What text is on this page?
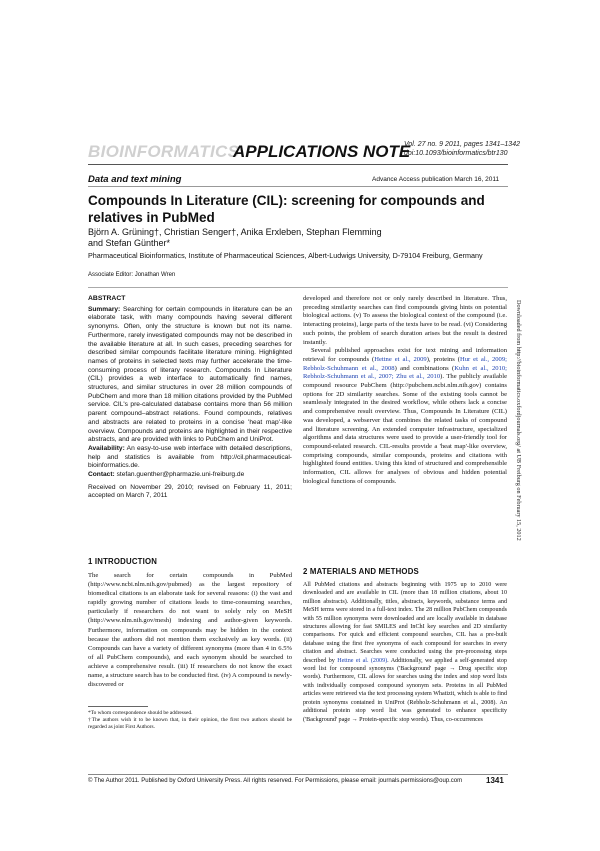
BIOINFORMATICS
APPLICATIONS NOTE
Vol. 27 no. 9 2011, pages 1341–1342
doi:10.1093/bioinformatics/btr130
Data and text mining	Advance Access publication March 16, 2011
Compounds In Literature (CIL): screening for compounds and relatives in PubMed
Björn A. Grüning†, Christian Senger†, Anika Erxleben, Stephan Flemming
and Stefan Günther*
Pharmaceutical Bioinformatics, Institute of Pharmaceutical Sciences, Albert-Ludwigs University, D-79104 Freiburg, Germany
Associate Editor: Jonathan Wren

ABSTRACT

Summary: Searching for certain compounds in literature can be an elaborate task, with many compounds having several different synonyms. Often, only the structure is known but not its name. Furthermore, rarely investigated compounds may not be described in the available literature at all. In such cases, preceding searches for described similar compounds facilitate literature mining. Highlighted names of proteins in selected texts may further accelerate the time-consuming process of literary research. Compounds In Literature (CIL) provides a web interface to automatically find names, structures, and similar structures in over 28 million compounds of PubChem and more than 18 million citations provided by the PubMed service. CIL's pre-calculated database contains more than 56 million parent compound–abstract relations. Found compounds, relatives and abstracts are related to proteins in a concise 'heat map'-like overview. Compounds and proteins are highlighted in their respective abstracts, and are provided with links to PubChem and UniProt.

Availability: An easy-to-use web interface with detailed descriptions, help and statistics is available from http://cil.pharmaceutical-bioinformatics.de.

Contact: stefan.guenther@pharmazie.uni-freiburg.de

Received on November 29, 2010; revised on February 11, 2011; accepted on March 7, 2011

1 INTRODUCTION

The search for certain compounds in PubMed (http://www.ncbi.nlm.nih.gov/pubmed) as the largest repository of biomedical citations is an elaborate task for several reasons: (i) the vast and rapidly growing number of citations leads to time-consuming searches, particularly if researchers do not want to solely rely on MeSH (http://www.nlm.nih.gov/mesh) indexing and author-given keywords. Furthermore, information on compounds may be hidden in the context because the authors did not mention them exclusively as key words. (ii) Compounds can have a variety of different synonyms (more than 4 in 6.5% of all PubChem compounds), and each synonym should be searched to achieve a comprehensive result. (iii) If researchers do not know the exact name, a structure search has to be conducted first. (iv) A compound is newly-discovered or

*To whom correspondence should be addressed.

†The authors wish it to be known that, in their opinion, the first two authors should be regarded as joint First Authors.

developed and therefore not or only rarely described in literature. Thus, preceding similarity searches can find compounds giving hints on potential biological actions. (v) To assess the biological context of the compound (i.e. interacting proteins), large parts of the texts have to be read. (vi) Considering such points, the problem of search duration arises but the result is desired instantly.

Several published approaches exist for text mining and information retrieval for compounds (Hettne et al., 2009), proteins (Hur et al., 2009; Rebholz-Schuhmann et al., 2008) and combinations (Kuhn et al., 2010; Rebholz-Schuhmann et al., 2007; Zhu et al., 2010). The publicly available compound resource PubChem (http://pubchem.ncbi.nlm.nih.gov) contains options for 2D similarity searches. Some of the existing tools cannot be seamlessly integrated in the desired workflow, while others lack a concise and comprehensive result overview. Thus, Compounds In Literature (CIL) was developed, a webserver that combines the related tasks of compound and literature screening. An extended computer infrastructure, specialized algorithms and data structures were used to provide a user-friendly tool for compound-related research. CIL-results provide a 'heat map'-like overview, comprising compounds, similar compounds, proteins and citations with highlighted found entities. Using this kind of structured and comprehensible information, CIL allows for analyses of obvious and hidden potential biological functions of compounds.

2 MATERIALS AND METHODS

All PubMed citations and abstracts beginning with 1975 up to 2010 were downloaded and are available in CIL (more than 18 million citations, about 10 million abstracts). Additionally, titles, abstracts, keywords, substance terms and MeSH terms were stored in a full-text index. The 28 million PubChem compounds with 55 million synonyms were downloaded and are locally available in database structures allowing for fast SMILES and InChI key searches and 2D similarity comparisons. For quick and efficient compound searches, CIL has a pre-built database using the first five synonyms of each compound for searches in every citation and abstract. Searches were conducted using the pre-processing steps described by Hettne et al. (2009). Additionally, we applied a self-generated stop word list for compound synonyms ('Background' page → Drug specific stop words). Furthermore, CIL allows for searches using the index and stop word lists with individually composed compound synonym sets. Proteins in all PubMed articles were retrieved via the text processing system Whatizit, which is able to find protein synonyms contained in UniProt (Rebholz-Schuhmann et al., 2008). An additional protein stop word list was generated to enhance specificity ('Background' page → Protein-specific stop words). Thus, co-occurrences

© The Author 2011. Published by Oxford University Press. All rights reserved. For Permissions, please email: journals.permissions@oup.com	1341
Downloaded from http://bioinformatics.oxfordjournals.org/ at UB Freiburg on February 15, 2012
